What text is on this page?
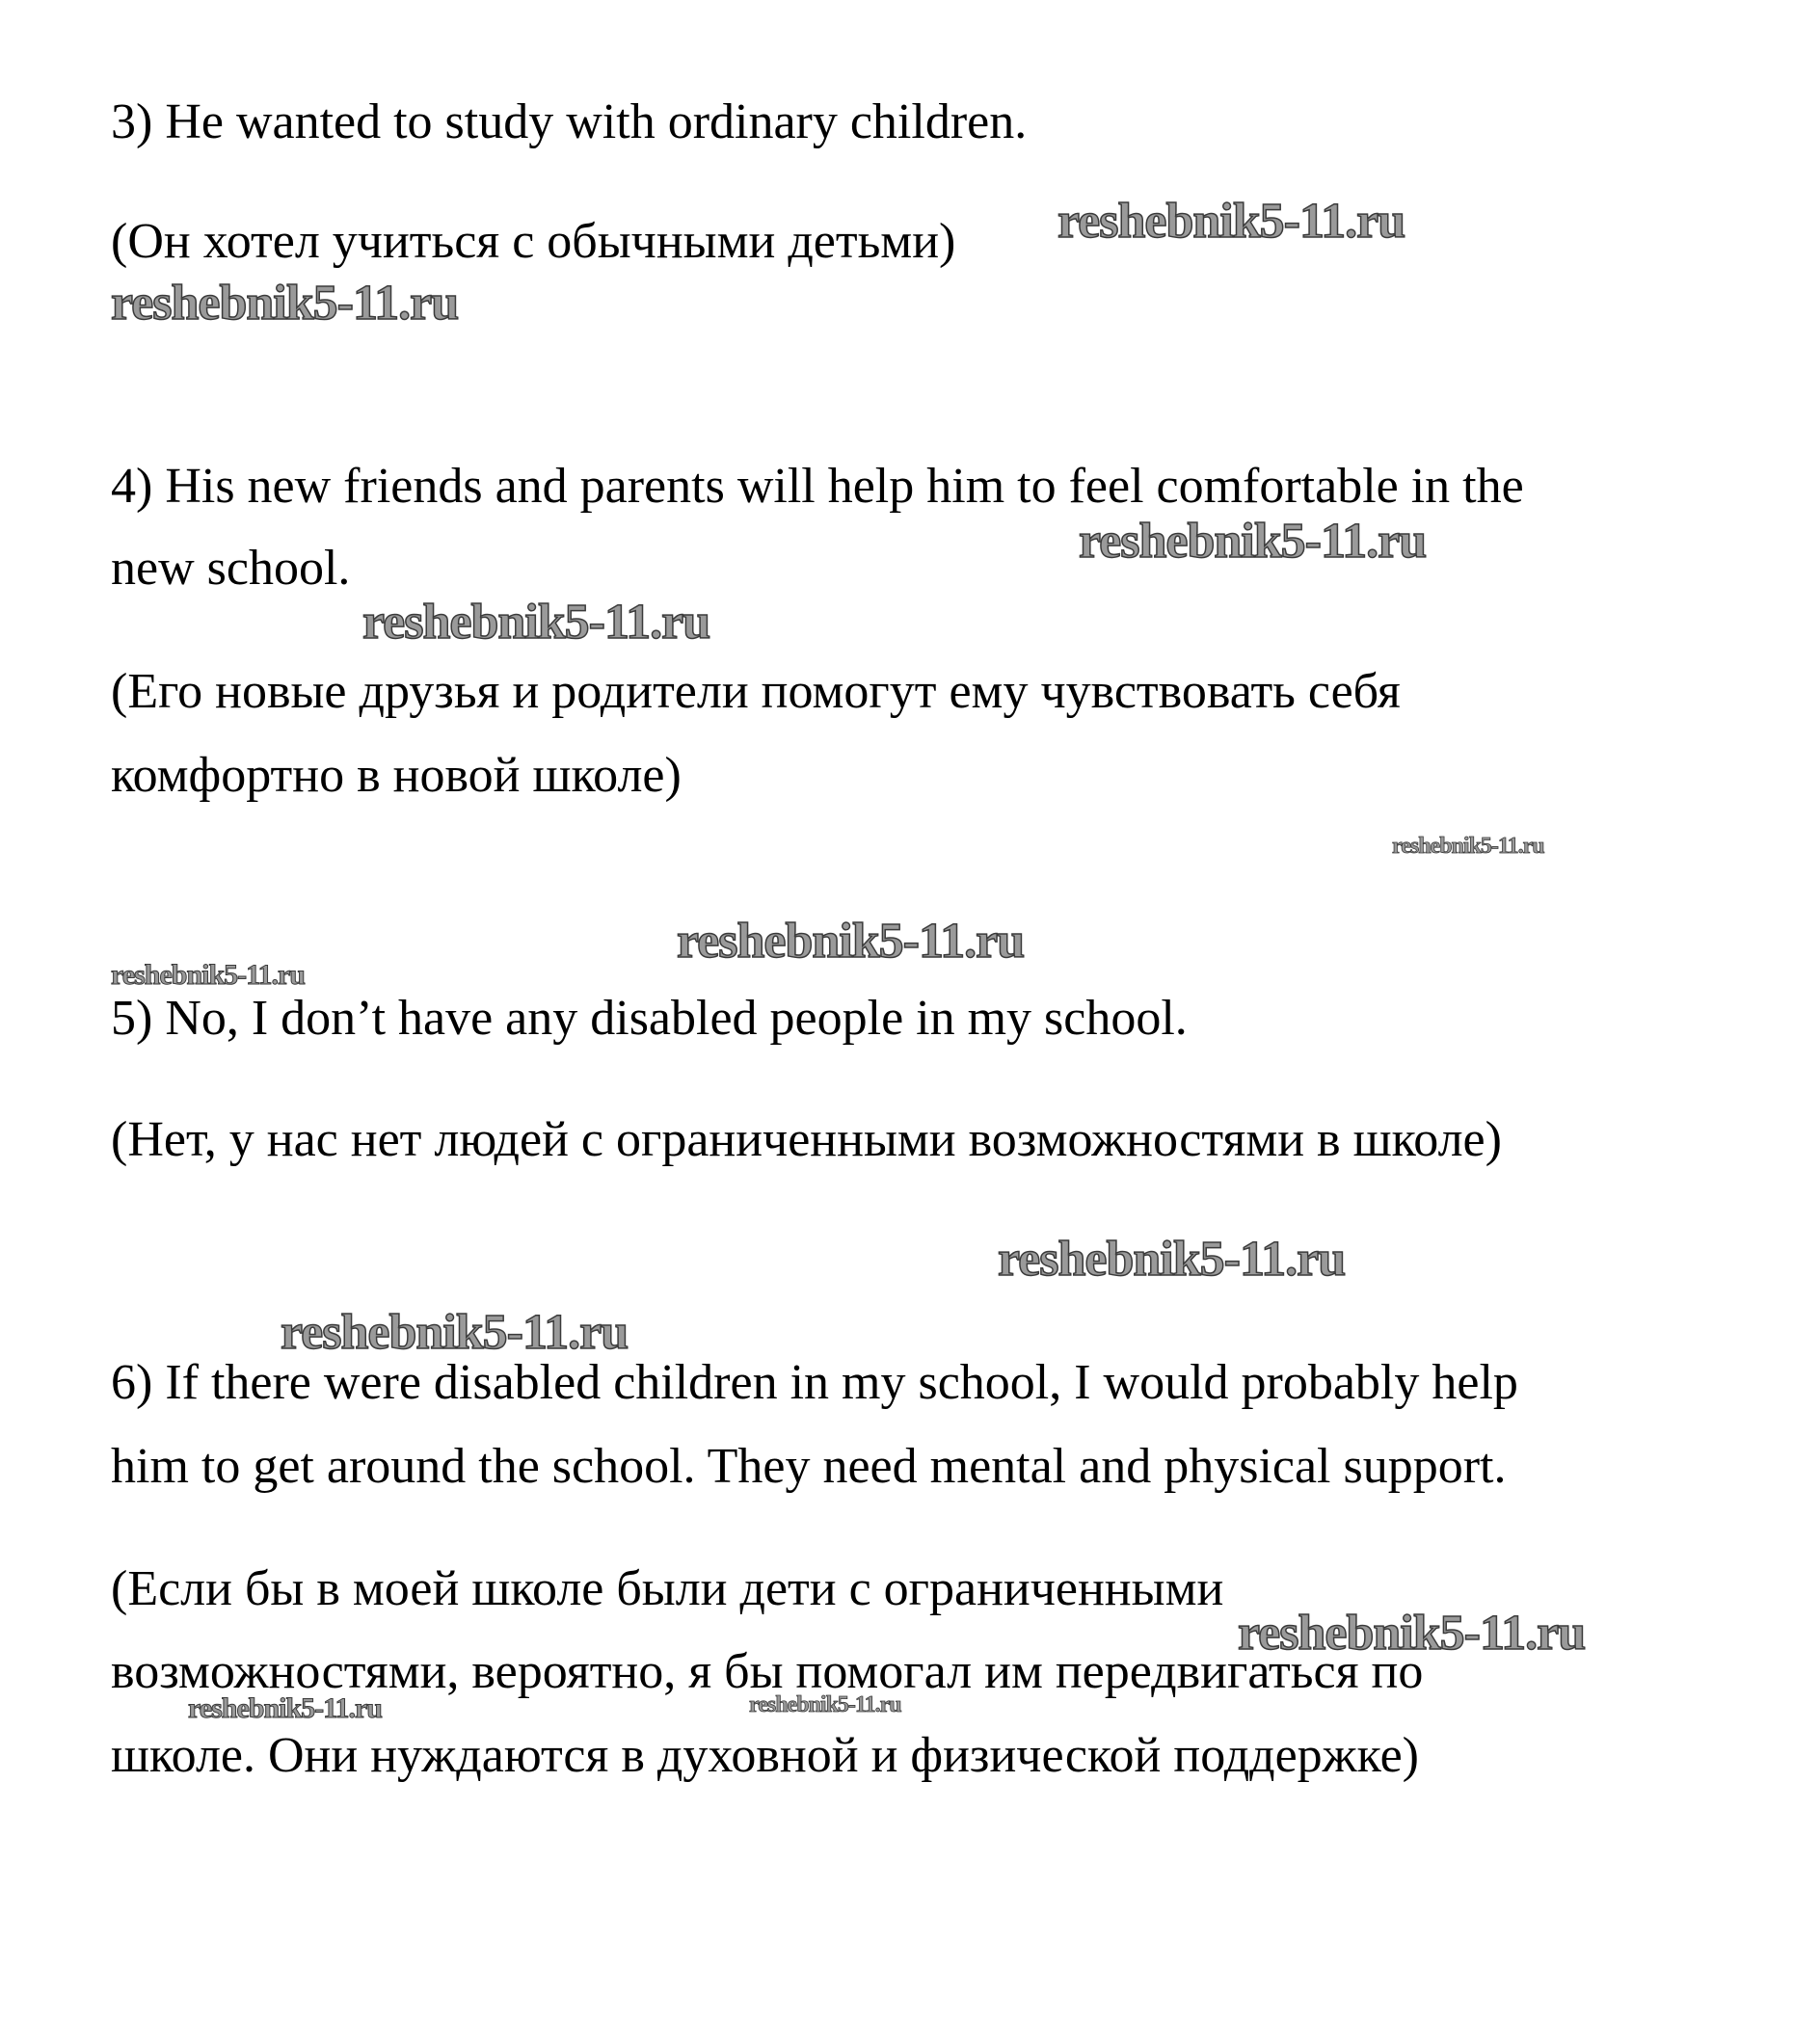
3) He wanted to study with ordinary children.
(Он хотел учиться с обычными детьми)
4) His new friends and parents will help him to feel comfortable in the
new school.
(Его новые друзья и родители помогут ему чувствовать себя
комфортно в новой школе)
5) No, I don’t have any disabled people in my school.
(Нет, у нас нет людей с ограниченными возможностями в школе)
6) If there were disabled children in my school, I would probably help
him to get around the school. They need mental and physical support.
(Если бы в моей школе были дети с ограниченными
возможностями, вероятно, я бы помогал им передвигаться по
школе. Они нуждаются в духовной и физической поддержке)
reshebnik5-11.ru
reshebnik5-11.ru
reshebnik5-11.ru
reshebnik5-11.ru
reshebnik5-11.ru
reshebnik5-11.ru
reshebnik5-11.ru
reshebnik5-11.ru
reshebnik5-11.ru
reshebnik5-11.ru
reshebnik5-11.ru	reshebnik5-11.ru
